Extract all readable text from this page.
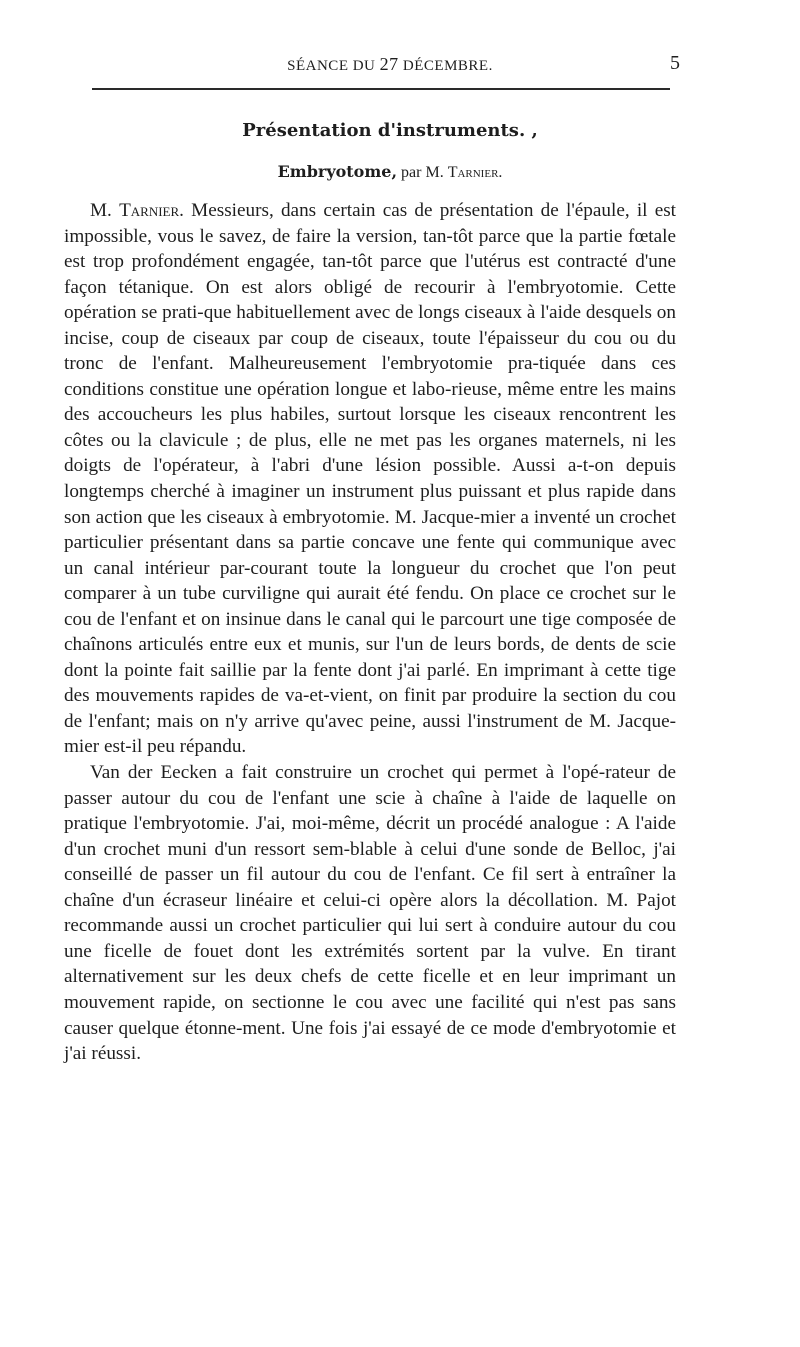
SÉANCE DU 27 DÉCEMBRE.	5
Présentation d'instruments. ,
Embryotome, par M. Tarnier.

M. Tarnier. Messieurs, dans certain cas de présentation de l'épaule, il est impossible, vous le savez, de faire la version, tan-tôt parce que la partie fœtale est trop profondément engagée, tan-tôt parce que l'utérus est contracté d'une façon tétanique. On est alors obligé de recourir à l'embryotomie. Cette opération se prati-que habituellement avec de longs ciseaux à l'aide desquels on incise, coup de ciseaux par coup de ciseaux, toute l'épaisseur du cou ou du tronc de l'enfant. Malheureusement l'embryotomie pra-tiquée dans ces conditions constitue une opération longue et labo-rieuse, même entre les mains des accoucheurs les plus habiles, surtout lorsque les ciseaux rencontrent les côtes ou la clavicule ; de plus, elle ne met pas les organes maternels, ni les doigts de l'opérateur, à l'abri d'une lésion possible. Aussi a-t-on depuis longtemps cherché à imaginer un instrument plus puissant et plus rapide dans son action que les ciseaux à embryotomie. M. Jacque-mier a inventé un crochet particulier présentant dans sa partie concave une fente qui communique avec un canal intérieur par-courant toute la longueur du crochet que l'on peut comparer à un tube curviligne qui aurait été fendu. On place ce crochet sur le cou de l'enfant et on insinue dans le canal qui le parcourt une tige composée de chaînons articulés entre eux et munis, sur l'un de leurs bords, de dents de scie dont la pointe fait saillie par la fente dont j'ai parlé. En imprimant à cette tige des mouvements rapides de va-et-vient, on finit par produire la section du cou de l'enfant; mais on n'y arrive qu'avec peine, aussi l'instrument de M. Jacque-mier est-il peu répandu.

Van der Eecken a fait construire un crochet qui permet à l'opé-rateur de passer autour du cou de l'enfant une scie à chaîne à l'aide de laquelle on pratique l'embryotomie. J'ai, moi-même, décrit un procédé analogue : A l'aide d'un crochet muni d'un ressort sem-blable à celui d'une sonde de Belloc, j'ai conseillé de passer un fil autour du cou de l'enfant. Ce fil sert à entraîner la chaîne d'un écraseur linéaire et celui-ci opère alors la décollation. M. Pajot recommande aussi un crochet particulier qui lui sert à conduire autour du cou une ficelle de fouet dont les extrémités sortent par la vulve. En tirant alternativement sur les deux chefs de cette ficelle et en leur imprimant un mouvement rapide, on sectionne le cou avec une facilité qui n'est pas sans causer quelque étonne-ment. Une fois j'ai essayé de ce mode d'embryotomie et j'ai réussi.
